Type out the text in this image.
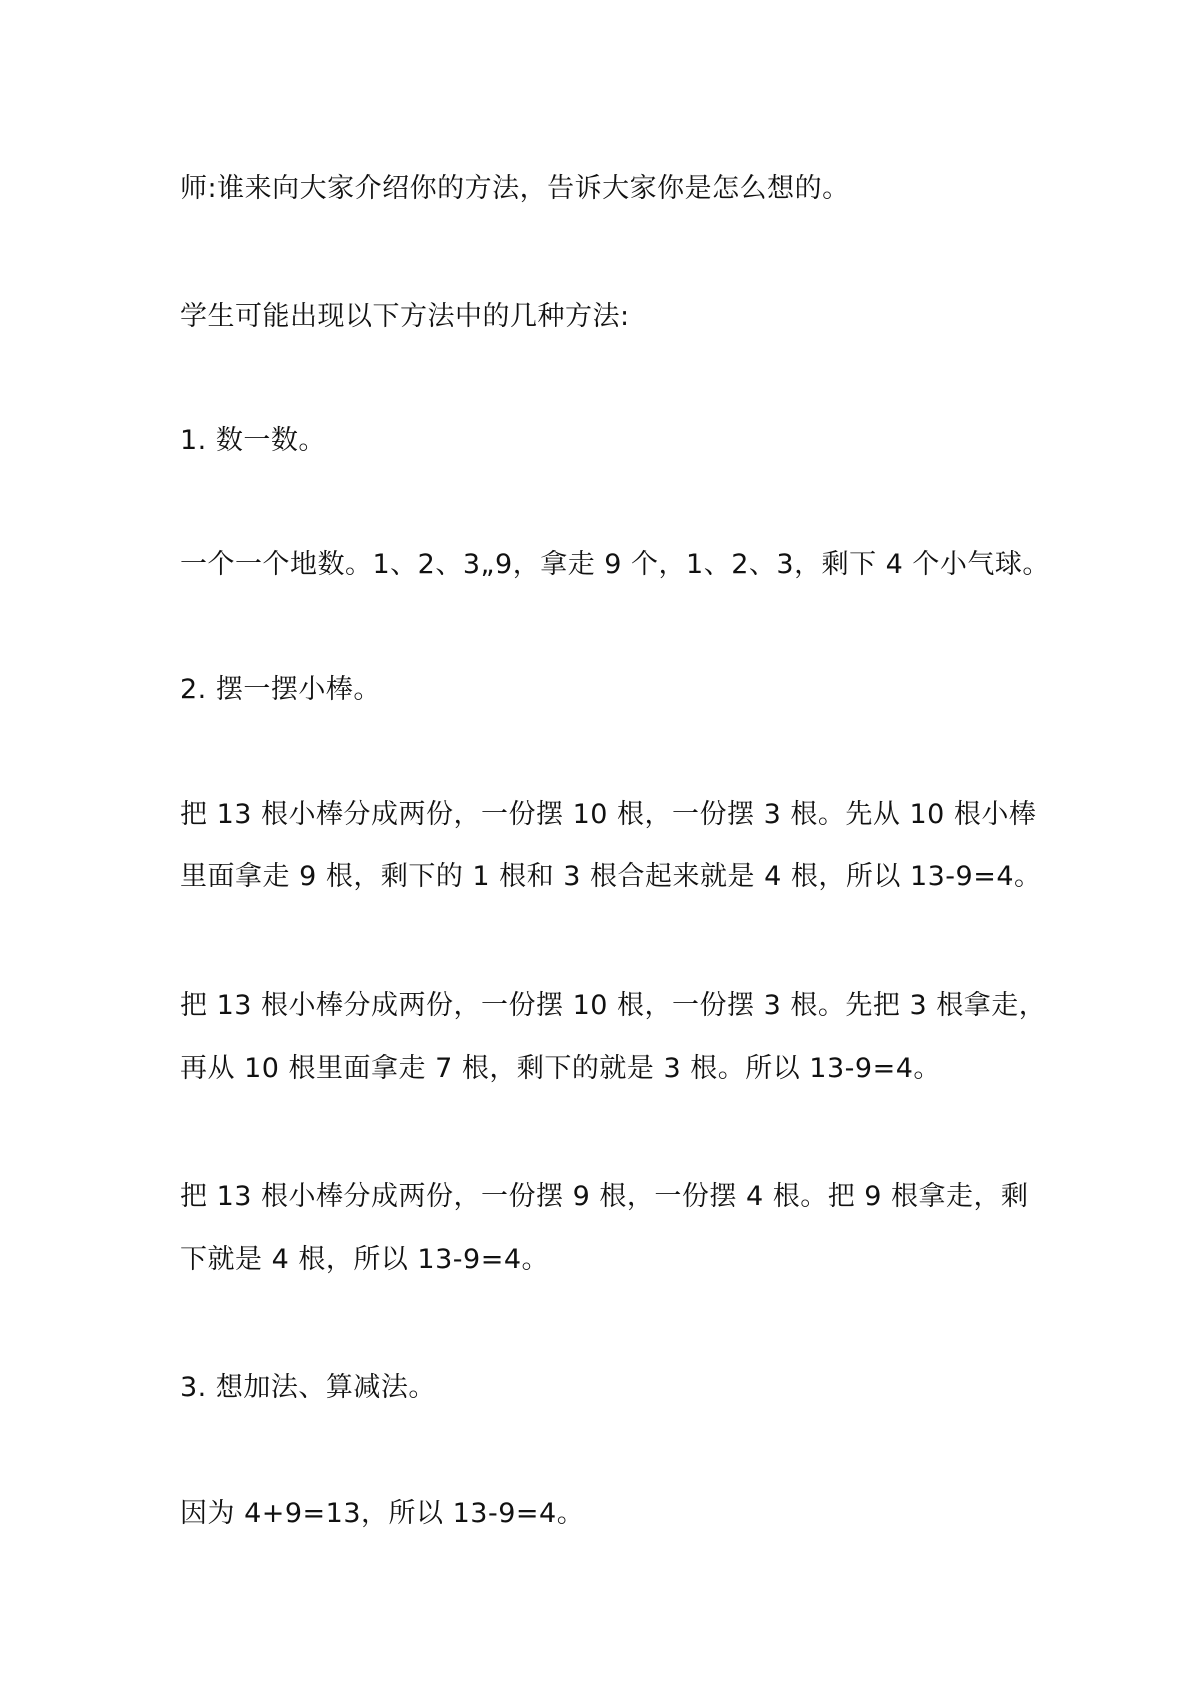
师:谁来向大家介绍你的方法，告诉大家你是怎么想的。
学生可能出现以下方法中的几种方法:
1. 数一数。
一个一个地数。1、2、3„9，拿走 9 个，1、2、3，剩下 4 个小气球。
2. 摆一摆小棒。
把 13 根小棒分成两份，一份摆 10 根，一份摆 3 根。先从 10 根小棒
里面拿走 9 根，剩下的 1 根和 3 根合起来就是 4 根，所以 13-9=4。
把 13 根小棒分成两份，一份摆 10 根，一份摆 3 根。先把 3 根拿走，
再从 10 根里面拿走 7 根，剩下的就是 3 根。所以 13-9=4。
把 13 根小棒分成两份，一份摆 9 根，一份摆 4 根。把 9 根拿走，剩
下就是 4 根，所以 13-9=4。
3. 想加法、算减法。
因为 4+9=13，所以 13-9=4。
